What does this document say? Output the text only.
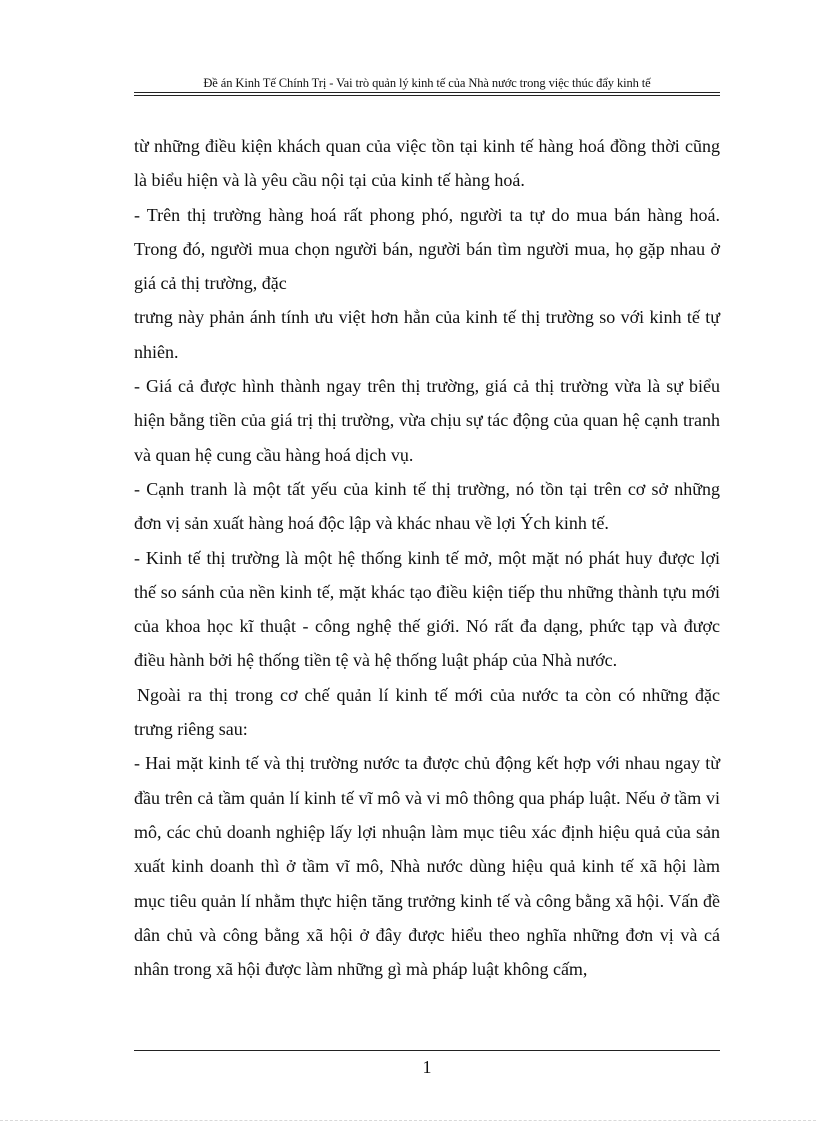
Đề án Kinh Tế Chính Trị - Vai trò quản lý kinh tế của Nhà nước trong việc thúc đẩy kinh tế

từ những điều kiện khách quan của việc tồn tại kinh tế hàng hoá đồng thời cũng là biểu hiện và là yêu cầu nội tại của kinh tế hàng hoá.

- Trên thị trường hàng hoá rất phong phó, người ta tự do mua bán hàng hoá. Trong đó, người mua chọn người bán, người bán tìm người mua, họ gặp nhau ở giá cả thị trường, đặc

trưng này phản ánh tính ưu việt hơn hẳn của kinh tế thị trường so với kinh tế tự nhiên.

- Giá cả được hình thành ngay trên thị trường, giá cả thị trường vừa là sự biểu hiện bằng tiền của giá trị thị trường, vừa chịu sự tác động của quan hệ cạnh tranh và quan hệ cung cầu hàng hoá dịch vụ.

- Cạnh tranh là một tất yếu của kinh tế thị trường, nó tồn tại trên cơ sở những đơn vị sản xuất hàng hoá độc lập và khác nhau về lợi Ých kinh tế.

- Kinh tế thị trường là một hệ thống kinh tế mở, một mặt nó phát huy được lợi thế so sánh của nền kinh tế, mặt khác tạo điều kiện tiếp thu những thành tựu mới của khoa học kĩ thuật - công nghệ thế giới. Nó rất đa dạng, phức tạp và được điều hành bởi hệ thống tiền tệ và hệ thống luật pháp của Nhà nước.

Ngoài ra thị trong cơ chế quản lí kinh tế mới của nước ta còn có những đặc trưng riêng sau:

- Hai mặt kinh tế và thị trường nước ta được chủ động kết hợp với nhau ngay từ đầu trên cả tầm quản lí kinh tế vĩ mô và vi mô thông qua pháp luật. Nếu ở tầm vi mô, các chủ doanh nghiệp lấy lợi nhuận làm mục tiêu xác định hiệu quả của sản xuất kinh doanh thì ở tầm vĩ mô, Nhà nước dùng hiệu quả kinh tế xã hội làm mục tiêu quản lí nhằm thực hiện tăng trưởng kinh tế và công bằng xã hội. Vấn đề dân chủ và công bằng xã hội ở đây được hiểu theo nghĩa những đơn vị và cá nhân trong xã hội được làm những gì mà pháp luật không cấm,

1
